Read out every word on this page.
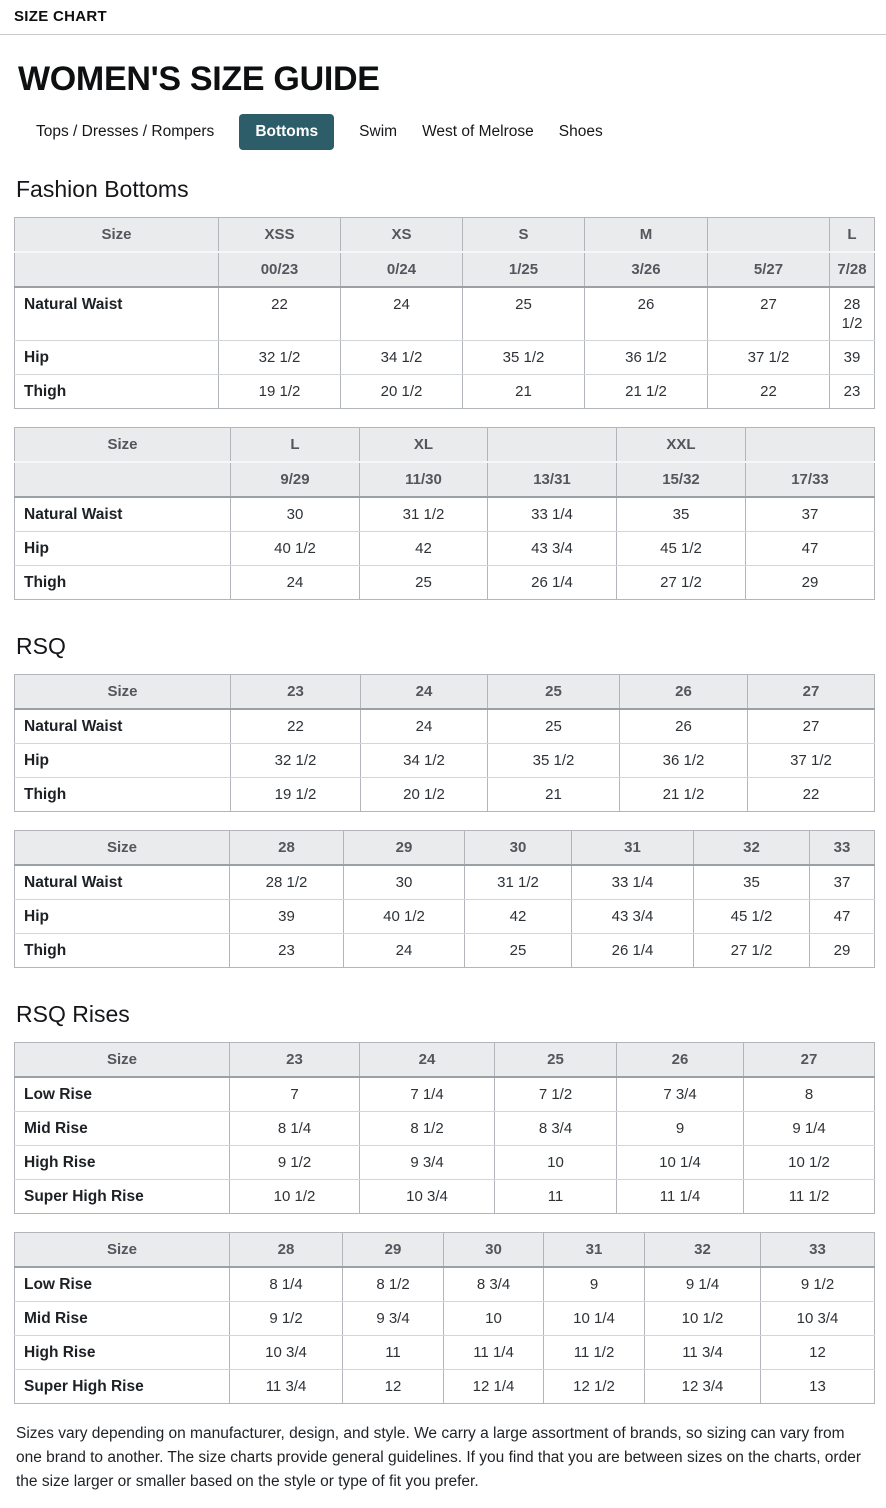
SIZE CHART
WOMEN'S SIZE GUIDE
Tops / Dresses / Rompers	Bottoms	Swim West of Melrose Shoes
Fashion Bottoms
Size	XSS	XS	S	M		L
	00/23	0/24	1/25	3/26	5/27	7/28
Natural Waist	22	24	25	26	27	28 1/2
Hip	32 1/2	34 1/2	35 1/2	36 1/2	37 1/2	39
Thigh	19 1/2	20 1/2	21	21 1/2	22	23
Size	L	XL		XXL	
	9/29	11/30	13/31	15/32	17/33
Natural Waist	30	31 1/2	33 1/4	35	37
Hip	40 1/2	42	43 3/4	45 1/2	47
Thigh	24	25	26 1/4	27 1/2	29
RSQ
Size	23	24	25	26	27
Natural Waist	22	24	25	26	27
Hip	32 1/2	34 1/2	35 1/2	36 1/2	37 1/2
Thigh	19 1/2	20 1/2	21	21 1/2	22
Size	28	29	30	31	32	33
Natural Waist	28 1/2	30	31 1/2	33 1/4	35	37
Hip	39	40 1/2	42	43 3/4	45 1/2	47
Thigh	23	24	25	26 1/4	27 1/2	29
RSQ Rises
Size	23	24	25	26	27
Low Rise	7	7 1/4	7 1/2	7 3/4	8
Mid Rise	8 1/4	8 1/2	8 3/4	9	9 1/4
High Rise	9 1/2	9 3/4	10	10 1/4	10 1/2
Super High Rise	10 1/2	10 3/4	11	11 1/4	11 1/2
Size	28	29	30	31	32	33
Low Rise	8 1/4	8 1/2	8 3/4	9	9 1/4	9 1/2
Mid Rise	9 1/2	9 3/4	10	10 1/4	10 1/2	10 3/4
High Rise	10 3/4	11	11 1/4	11 1/2	11 3/4	12
Super High Rise	11 3/4	12	12 1/4	12 1/2	12 3/4	13

Sizes vary depending on manufacturer, design, and style. We carry a large assortment of brands, so sizing can vary from one brand to another. The size charts provide general guidelines. If you find that you are between sizes on the charts, order the size larger or smaller based on the style or type of fit you prefer.
